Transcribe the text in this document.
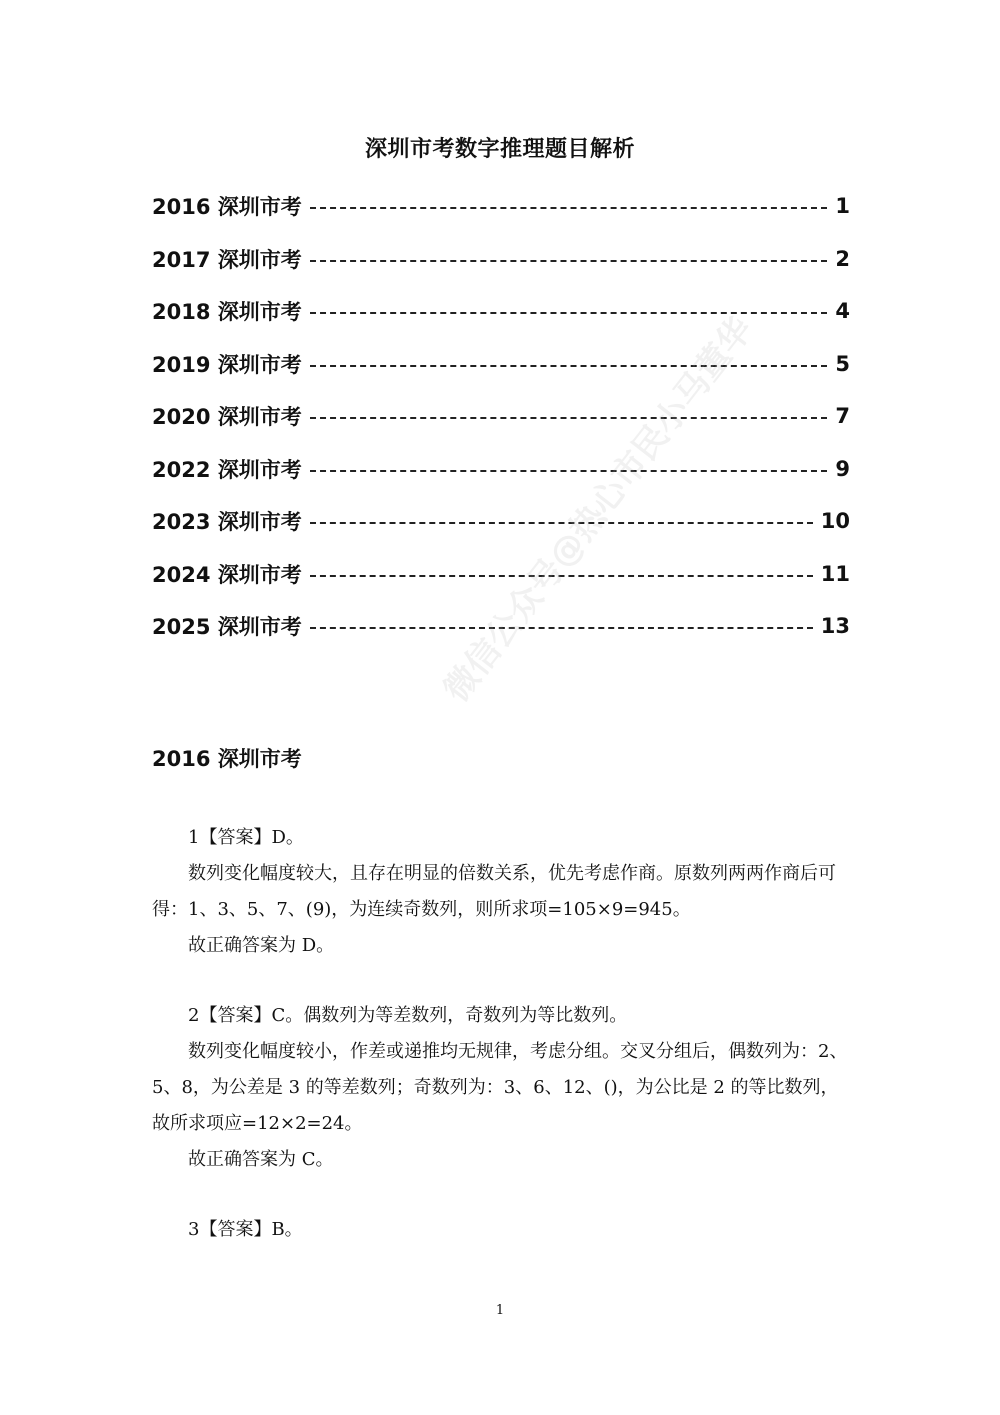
深圳市考数字推理题目解析
2016 深圳市考	1
2017 深圳市考	2
2018 深圳市考	4
2019 深圳市考	5
2020 深圳市考	7
2022 深圳市考	9
2023 深圳市考	10
2024 深圳市考	11
2025 深圳市考	13
微信公众号@热心市民小马董华
2016 深圳市考

1【答案】D。

数列变化幅度较大，且存在明显的倍数关系，优先考虑作商。原数列两两作商后可得：1、3、5、7、(9)，为连续奇数列，则所求项=105×9=945。

故正确答案为 D。

2【答案】C。偶数列为等差数列，奇数列为等比数列。

数列变化幅度较小，作差或递推均无规律，考虑分组。交叉分组后，偶数列为：2、5、8，为公差是 3 的等差数列；奇数列为：3、6、12、()，为公比是 2 的等比数列，故所求项应=12×2=24。

故正确答案为 C。

3【答案】B。

1
